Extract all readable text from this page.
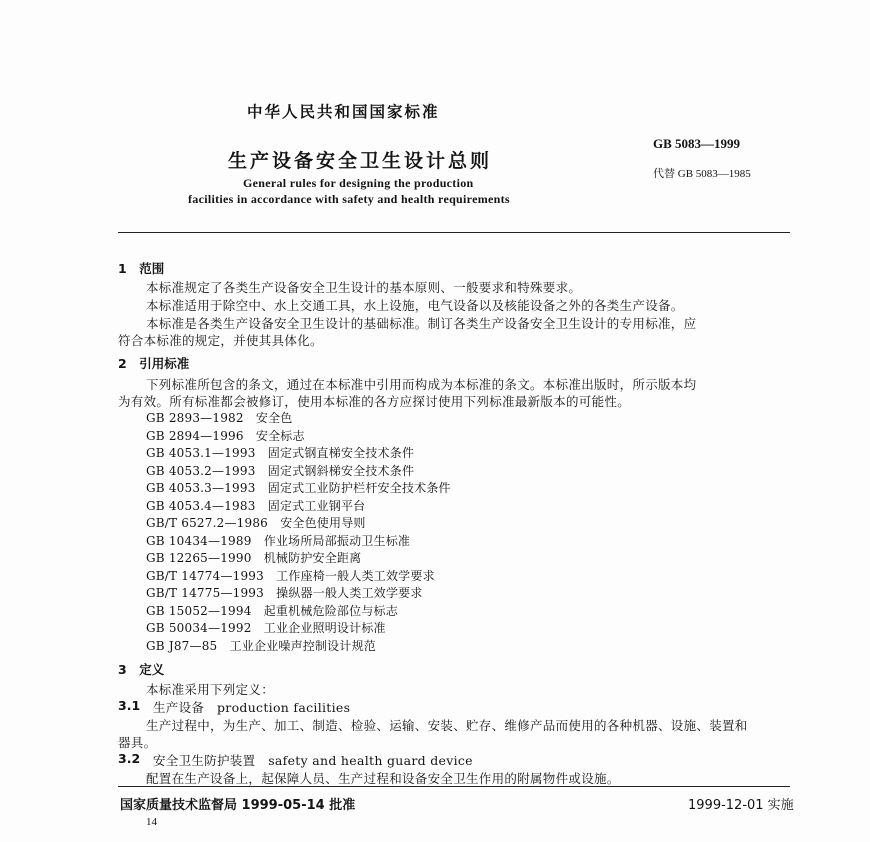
中华人民共和国国家标准
GB 5083—1999
生产设备安全卫生设计总则
代替 GB 5083—1985
General rules for designing the production
facilities in accordance with safety and health requirements
1　范围
本标准规定了各类生产设备安全卫生设计的基本原则、一般要求和特殊要求。
本标准适用于除空中、水上交通工具，水上设施，电气设备以及核能设备之外的各类生产设备。
本标准是各类生产设备安全卫生设计的基础标准。制订各类生产设备安全卫生设计的专用标准，应
符合本标准的规定，并使其具体化。
2　引用标准
下列标准所包含的条文，通过在本标准中引用而构成为本标准的条文。本标准出版时，所示版本均
为有效。所有标准都会被修订，使用本标准的各方应探讨使用下列标准最新版本的可能性。
GB 2893—1982　安全色
GB 2894—1996　安全标志
GB 4053.1—1993　固定式钢直梯安全技术条件
GB 4053.2—1993　固定式钢斜梯安全技术条件
GB 4053.3—1993　固定式工业防护栏杆安全技术条件
GB 4053.4—1983　固定式工业钢平台
GB/T 6527.2—1986　安全色使用导则
GB 10434—1989　作业场所局部振动卫生标准
GB 12265—1990　机械防护安全距离
GB/T 14774—1993　工作座椅一般人类工效学要求
GB/T 14775—1993　操纵器一般人类工效学要求
GB 15052—1994　起重机械危险部位与标志
GB 50034—1992　工业企业照明设计标准
GB J87—85　工业企业噪声控制设计规范
3　定义
本标准采用下列定义：
3.1 生产设备　production facilities
生产过程中，为生产、加工、制造、检验、运输、安装、贮存、维修产品而使用的各种机器、设施、装置和
器具。
3.2 安全卫生防护装置　safety and health guard device
配置在生产设备上，起保障人员、生产过程和设备安全卫生作用的附属物件或设施。
国家质量技术监督局 1999-05-14 批准	1999-12-01 实施
14
